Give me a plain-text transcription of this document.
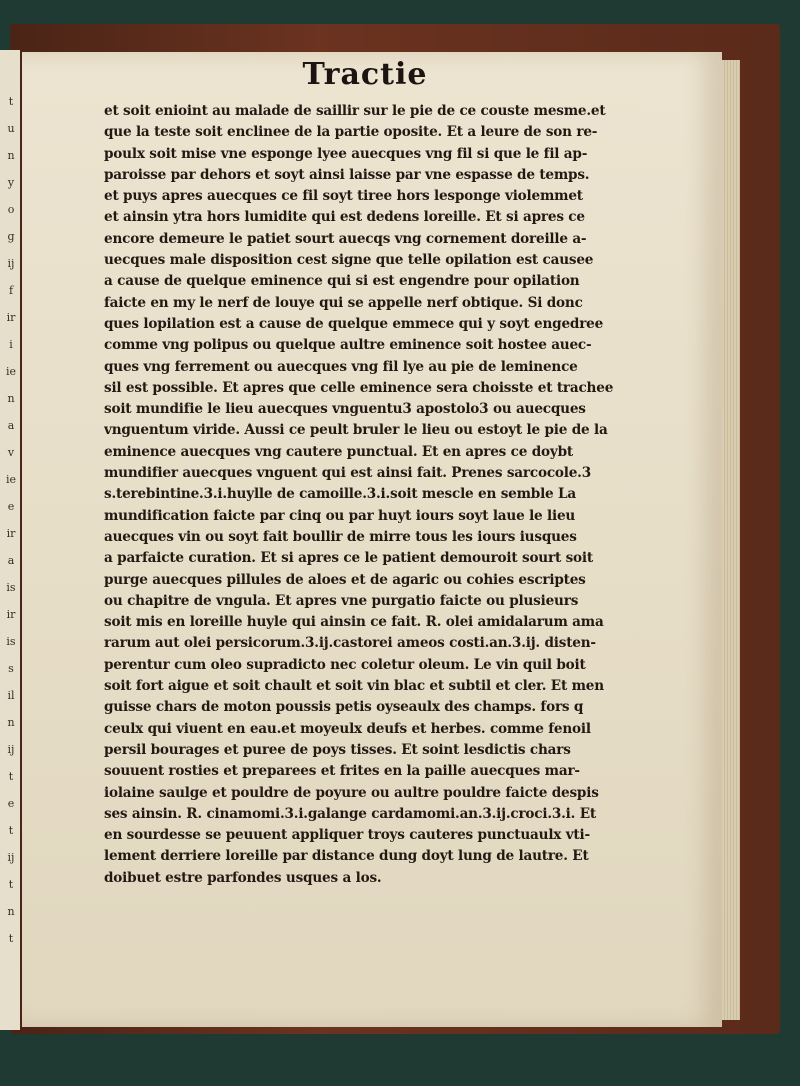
t
u
n
y
o
g
ij
f
ir
i
ie
n
a
v
ie
e
ir
a
is
ir
is
s
il
n
ij
t
e
t
ij
t
n
t
Tractie
et soit enioint au malade de saillir sur le pie de ce couste mesme.et
que la teste soit enclinee de la partie oposite. Et a leure de son re-
poulx soit mise vne esponge lyee auecques vng fil si que le fil ap-
paroisse par dehors et soyt ainsi laisse par vne espasse de temps.
et puys apres auecques ce fil soyt tiree hors lesponge violemmet
et ainsin ytra hors lumidite qui est dedens loreille. Et si apres ce
encore demeure le patiet sourt auecqs vng cornement doreille a-
uecques male disposition cest signe que telle opilation est causee
a cause de quelque eminence qui si est engendre pour opilation
faicte en my le nerf de louye qui se appelle nerf obtique. Si donc
ques lopilation est a cause de quelque emmece qui y soyt engedree
comme vng polipus ou quelque aultre eminence soit hostee auec-
ques vng ferrement ou auecques vng fil lye au pie de leminence
sil est possible. Et apres que celle eminence sera choisste et trachee
soit mundifie le lieu auecques vnguentu3 apostolo3 ou auecques
vnguentum viride. Aussi ce peult bruler le lieu ou estoyt le pie de la
eminence auecques vng cautere punctual. Et en apres ce doybt
mundifier auecques vnguent qui est ainsi fait. Prenes sarcocole.3
s.terebintine.3.i.huylle de camoille.3.i.soit mescle en semble La
mundification faicte par cinq ou par huyt iours soyt laue le lieu
auecques vin ou soyt fait boullir de mirre tous les iours iusques
a parfaicte curation. Et si apres ce le patient demouroit sourt soit
purge auecques pillules de aloes et de agaric ou cohies escriptes
ou chapitre de vngula. Et apres vne purgatio faicte ou plusieurs
soit mis en loreille huyle qui ainsin ce fait. R. olei amidalarum ama
rarum aut olei persicorum.3.ij.castorei ameos costi.an.3.ij. disten-
perentur cum oleo supradicto nec coletur oleum. Le vin quil boit
soit fort aigue et soit chault et soit vin blac et subtil et cler. Et men
guisse chars de moton poussis petis oyseaulx des champs. fors q
ceulx qui viuent en eau.et moyeulx deufs et herbes. comme fenoil
persil bourages et puree de poys tisses. Et soint lesdictis chars
souuent rosties et preparees et frites en la paille auecques mar-
iolaine saulge et pouldre de poyure ou aultre pouldre faicte despis
ses ainsin. R. cinamomi.3.i.galange cardamomi.an.3.ij.croci.3.i. Et
en sourdesse se peuuent appliquer troys cauteres punctuaulx vti-
lement derriere loreille par distance dung doyt lung de lautre. Et
doibuet estre parfondes usques a los.
